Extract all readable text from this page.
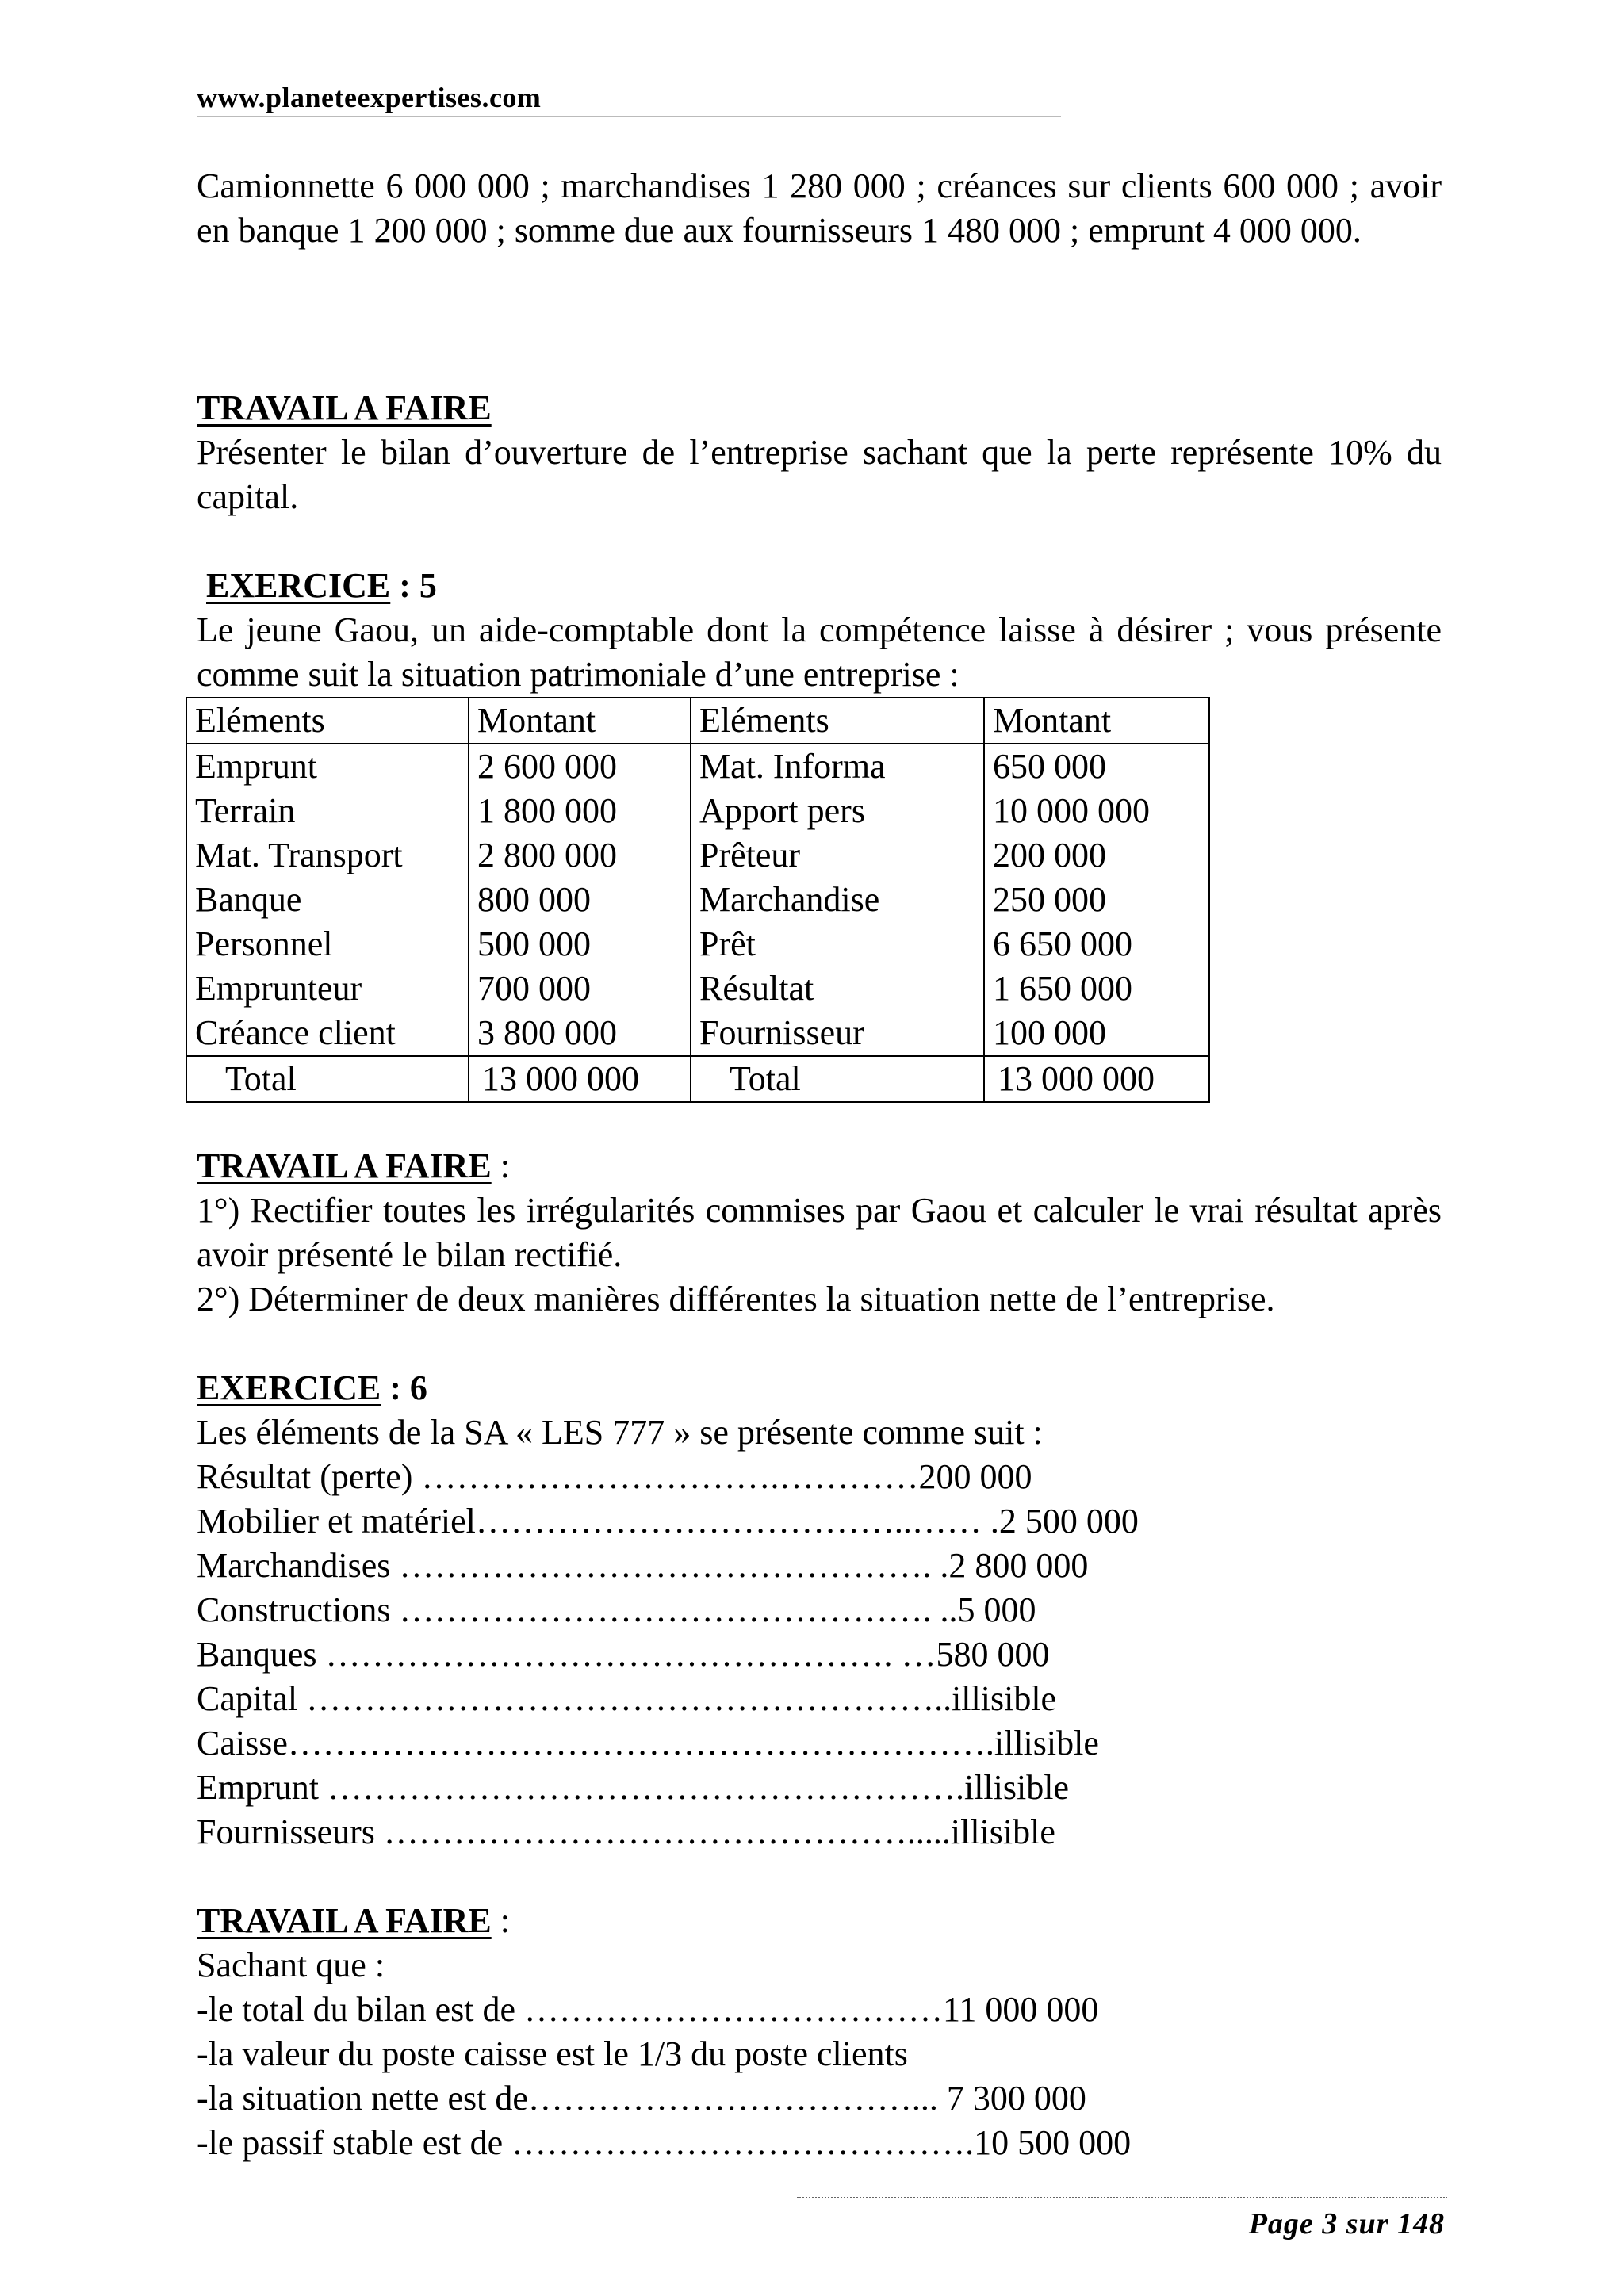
www.planeteexpertises.com

Camionnette 6 000 000 ; marchandises 1 280 000 ; créances sur clients 600 000 ; avoir en banque 1 200 000 ; somme due aux fournisseurs 1 480 000 ; emprunt 4 000 000.

TRAVAIL A FAIRE

Présenter le bilan d’ouverture de l’entreprise sachant que la perte représente 10% du capital.

EXERCICE : 5

Le jeune Gaou, un aide-comptable dont la compétence laisse à désirer ; vous présente comme suit la situation patrimoniale d’une entreprise :

Eléments	Montant	Eléments	Montant
Emprunt	2 600 000	Mat. Informa	650 000
Terrain	1 800 000	Apport pers	10 000 000
Mat. Transport	2 800 000	Prêteur	200 000
Banque	800 000	Marchandise	250 000
Personnel	500 000	Prêt	6 650 000
Emprunteur	700 000	Résultat	1 650 000
Créance client	3 800 000	Fournisseur	100 000
Total	13 000 000	Total	13 000 000

TRAVAIL A FAIRE :

1°) Rectifier toutes les irrégularités commises par Gaou et calculer le vrai résultat après avoir présenté le bilan rectifié.

2°) Déterminer de deux manières différentes la situation nette de l’entreprise.

EXERCICE : 6

Les éléments de la SA « LES 777 » se présente comme suit :

Résultat (perte) ………………………….…………200 000
Mobilier et matériel………………………………..…… .2 500 000
Marchandises ………………………………………. .2 800 000
Constructions ………………………………………. ..5 000
Banques …………………………………………. …580 000
Capital ………………………………………………..illisible
Caisse…………………………………………………….illisible
Emprunt ……………………………………………….illisible
Fournisseurs ……………………………………….....illisible

TRAVAIL A FAIRE :

Sachant que :
-le total du bilan est de ………………………………11 000 000
-la valeur du poste caisse est le 1/3 du poste clients
-la situation nette est de……………………………... 7 300 000
-le passif stable est de ………………………………….10 500 000
Page 3 sur 148
